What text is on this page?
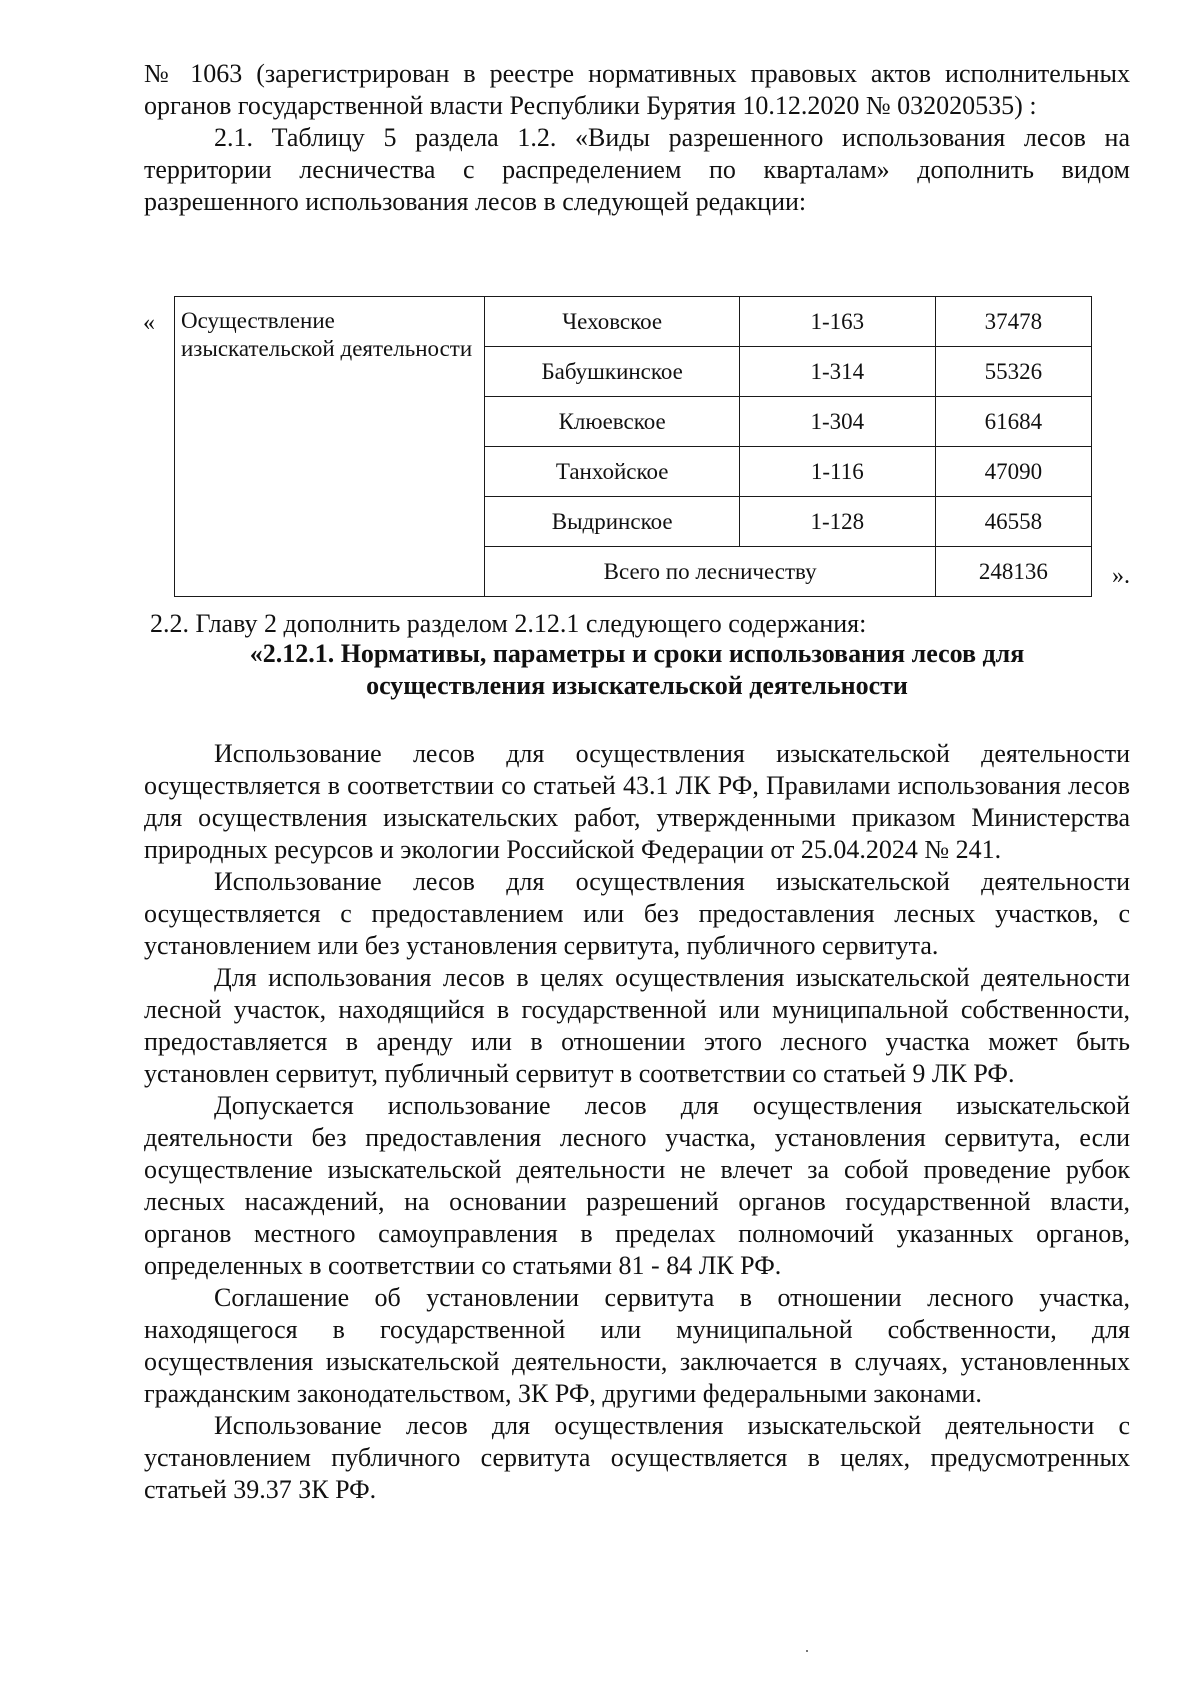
№ 1063 (зарегистрирован в реестре нормативных правовых актов исполнительных органов государственной власти Республики Бурятия 10.12.2020 № 032020535) :

2.1. Таблицу 5 раздела 1.2. «Виды разрешенного использования лесов на территории лесничества с распределением по кварталам» дополнить видом разрешенного использования лесов в следующей редакции:

« Осуществление изыскательской деятельности	Чеховское	1-163	37478
	Бабушкинское	1-314	55326
	Клюевское	1-304	61684
	Танхойское	1-116	47090
	Выдринское	1-128	46558
	Всего по лесничеству		248136	».
2.2. Главу 2 дополнить разделом 2.12.1 следующего содержания:
«2.12.1. Нормативы, параметры и сроки использования лесов для
осуществления изыскательской деятельности

Использование лесов для осуществления изыскательской деятельности осуществляется в соответствии со статьей 43.1 ЛК РФ, Правилами использования лесов для осуществления изыскательских работ, утвержденными приказом Министерства природных ресурсов и экологии Российской Федерации от 25.04.2024 № 241.

Использование лесов для осуществления изыскательской деятельности осуществляется с предоставлением или без предоставления лесных участков, с установлением или без установления сервитута, публичного сервитута.

Для использования лесов в целях осуществления изыскательской деятельности лесной участок, находящийся в государственной или муниципальной собственности, предоставляется в аренду или в отношении этого лесного участка может быть установлен сервитут, публичный сервитут в соответствии со статьей 9 ЛК РФ.

Допускается использование лесов для осуществления изыскательской деятельности без предоставления лесного участка, установления сервитута, если осуществление изыскательской деятельности не влечет за собой проведение рубок лесных насаждений, на основании разрешений органов государственной власти, органов местного самоуправления в пределах полномочий указанных органов, определенных в соответствии со статьями 81 - 84 ЛК РФ.

Соглашение об установлении сервитута в отношении лесного участка, находящегося в государственной или муниципальной собственности, для осуществления изыскательской деятельности, заключается в случаях, установленных гражданским законодательством, ЗК РФ, другими федеральными законами.

Использование лесов для осуществления изыскательской деятельности с установлением публичного сервитута осуществляется в целях, предусмотренных статьей 39.37 ЗК РФ.
